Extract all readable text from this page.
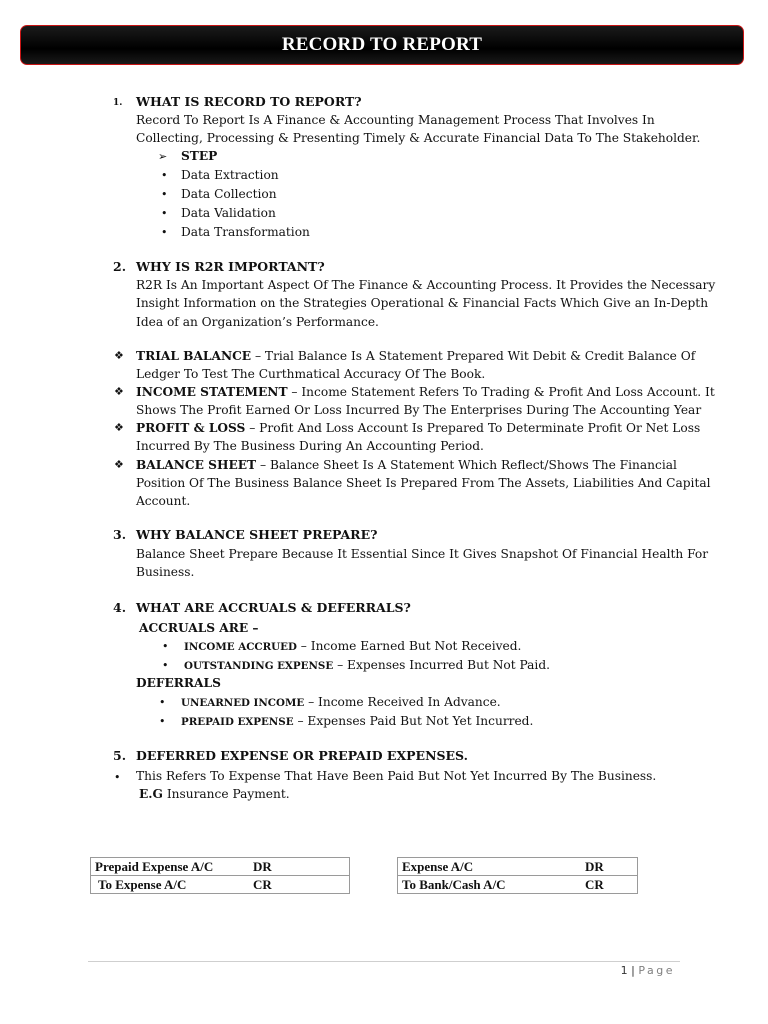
RECORD TO REPORT
1. WHAT IS RECORD TO REPORT?
Record To Report Is A Finance & Accounting Management Process That Involves In
Collecting, Processing & Presenting Timely & Accurate Financial Data To The Stakeholder.
➢ STEP
• Data Extraction
• Data Collection
• Data Validation
• Data Transformation
2. WHY IS R2R IMPORTANT?
R2R Is An Important Aspect Of The Finance & Accounting Process. It Provides the Necessary
Insight Information on the Strategies Operational & Financial Facts Which Give an In-Depth
Idea of an Organization’s Performance.
❖ TRIAL BALANCE – Trial Balance Is A Statement Prepared Wit Debit & Credit Balance Of
Ledger To Test The Curthmatical Accuracy Of The Book.
❖ INCOME STATEMENT – Income Statement Refers To Trading & Profit And Loss Account. It
Shows The Profit Earned Or Loss Incurred By The Enterprises During The Accounting Year
❖ PROFIT & LOSS – Profit And Loss Account Is Prepared To Determinate Profit Or Net Loss
Incurred By The Business During An Accounting Period.
❖ BALANCE SHEET – Balance Sheet Is A Statement Which Reflect/Shows The Financial
Position Of The Business Balance Sheet Is Prepared From The Assets, Liabilities And Capital
Account.
3. WHY BALANCE SHEET PREPARE?
Balance Sheet Prepare Because It Essential Since It Gives Snapshot Of Financial Health For
Business.
4. WHAT ARE ACCRUALS & DEFERRALS?
ACCRUALS ARE –
• INCOME ACCRUED – Income Earned But Not Received.
• OUTSTANDING EXPENSE – Expenses Incurred But Not Paid.
DEFERRALS
• UNEARNED INCOME – Income Received In Advance.
• PREPAID EXPENSE – Expenses Paid But Not Yet Incurred.
5. DEFERRED EXPENSE OR PREPAID EXPENSES.
• This Refers To Expense That Have Been Paid But Not Yet Incurred By The Business.
E.G Insurance Payment.
Prepaid Expense A/C	DR
To Expense A/C	CR
Expense A/C	DR
To Bank/Cash A/C	CR
1 | Page
